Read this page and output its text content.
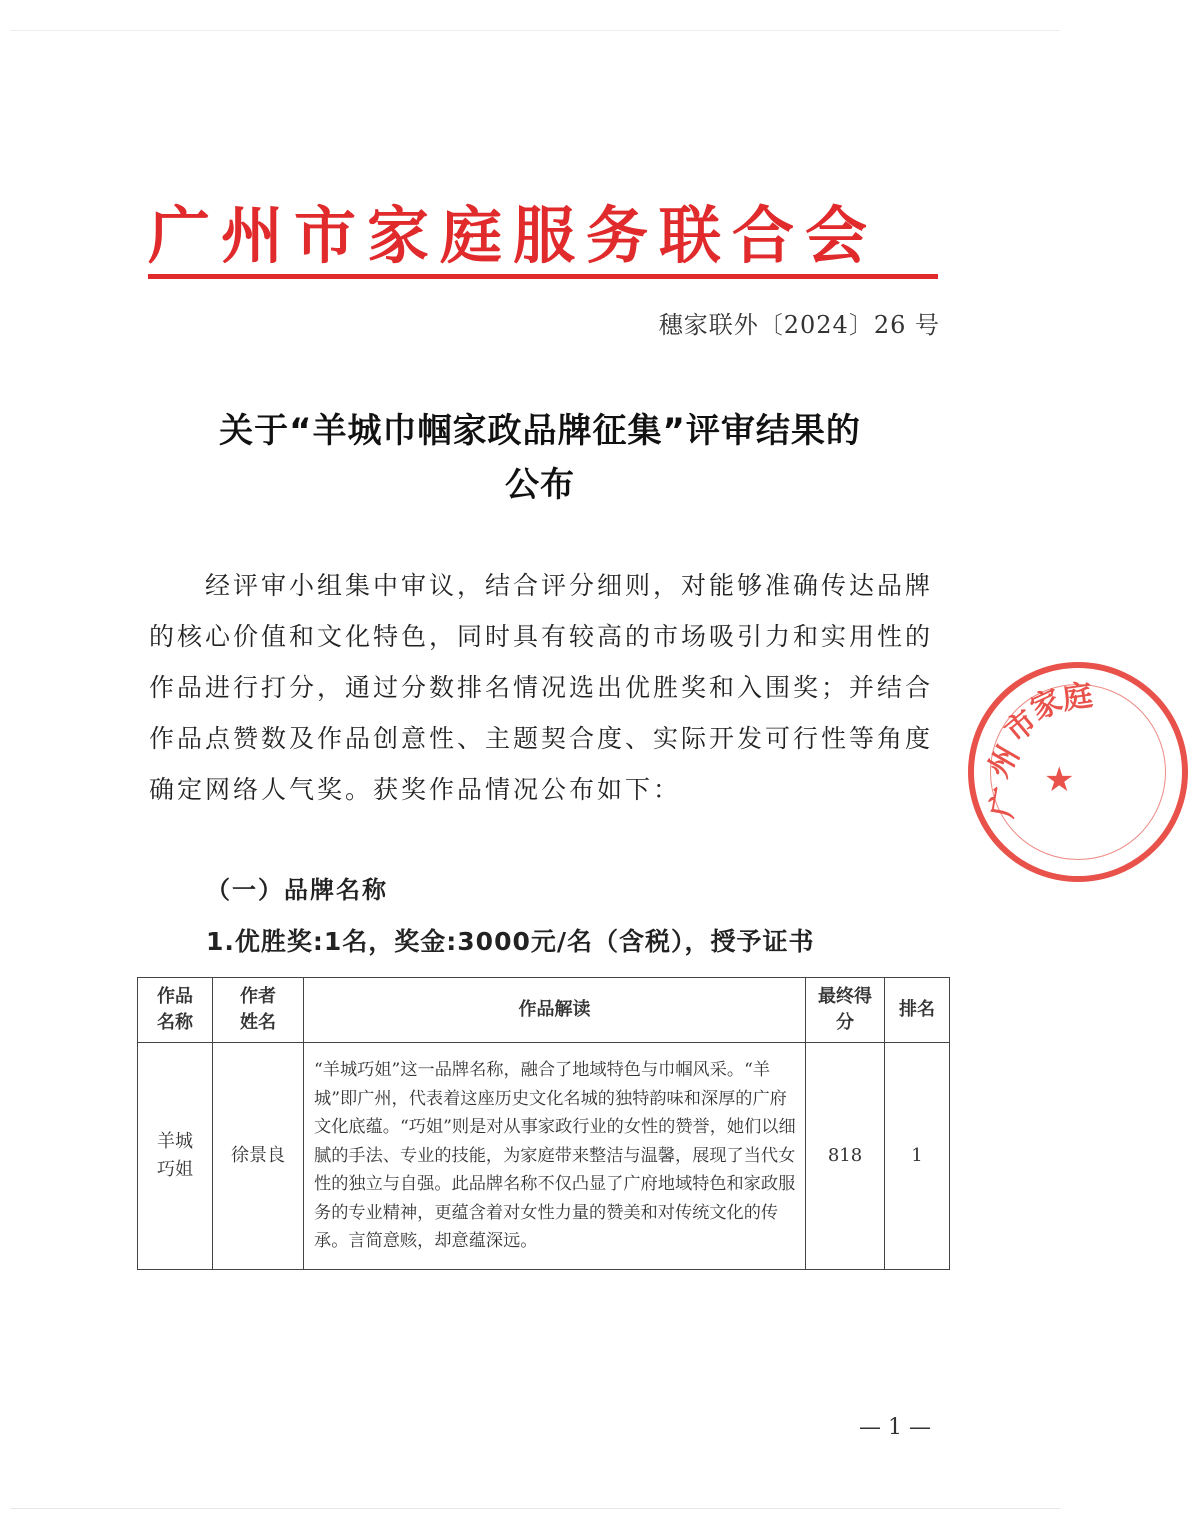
广州市家庭服务联合会
穗家联外〔2024〕26 号
关于“羊城巾帼家政品牌征集”评审结果的
公布
　　经评审小组集中审议，结合评分细则，对能够准确传达品牌
的核心价值和文化特色，同时具有较高的市场吸引力和实用性的
作品进行打分，通过分数排名情况选出优胜奖和入围奖；并结合
作品点赞数及作品创意性、主题契合度、实际开发可行性等角度
确定网络人气奖。获奖作品情况公布如下：
（一）品牌名称
1.优胜奖:1名，奖金:3000元/名（含税），授予证书
作品名称	作者姓名	作品解读	最终得分	排名
羊城巧姐	徐景良	“羊城巧姐”这一品牌名称，融合了地域特色与巾帼风采。“羊城”即广州，代表着这座历史文化名城的独特韵味和深厚的广府文化底蕴。“巧姐”则是对从事家政行业的女性的赞誉，她们以细腻的手法、专业的技能，为家庭带来整洁与温馨，展现了当代女性的独立与自强。此品牌名称不仅凸显了广府地域特色和家政服务的专业精神，更蕴含着对女性力量的赞美和对传统文化的传承。言简意赅，却意蕴深远。	818	1
广
州
市
家
庭
★
— 1 —
